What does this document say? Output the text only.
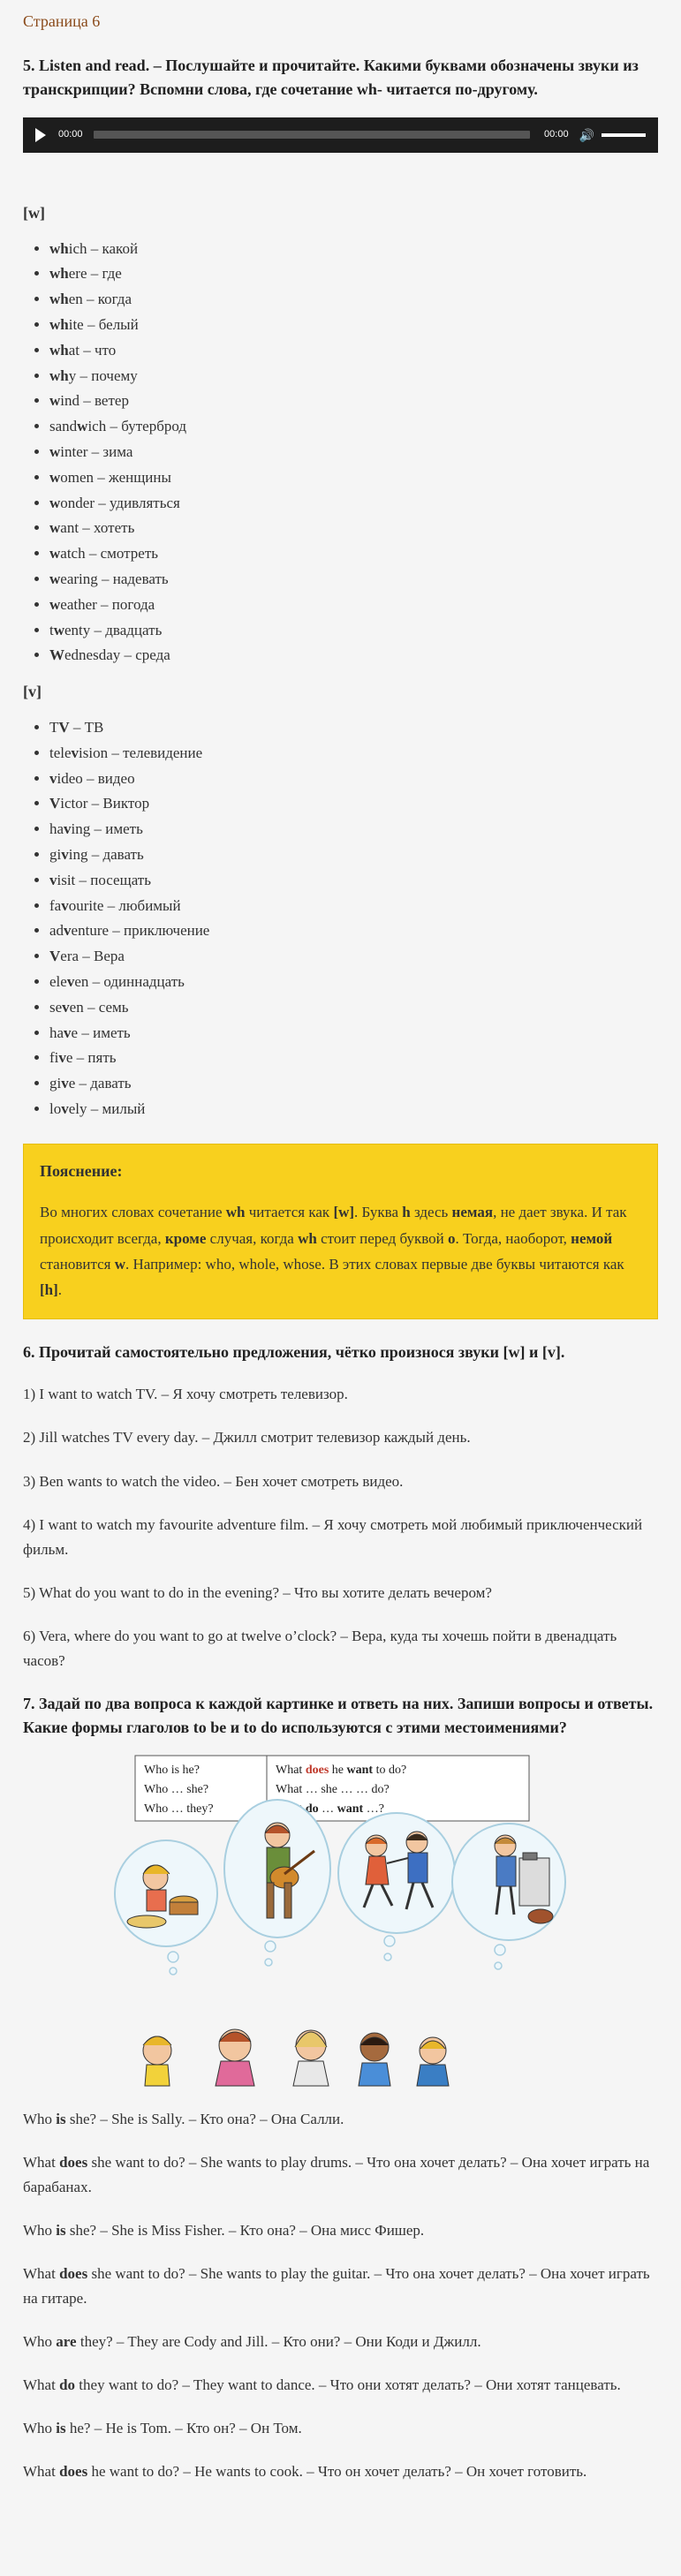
Страница 6
5. Listen and read. – Послушайте и прочитайте. Какими буквами обозначены звуки из транскрипции? Вспомни слова, где сочетание wh- читается по-другому.
00:00	00:00 🔊
[w]
• which – какой
• where – где
• when – когда
• white – белый
• what – что
• why – почему
• wind – ветер
• sandwich – бутерброд
• winter – зима
• women – женщины
• wonder – удивляться
• want – хотеть
• watch – смотреть
• wearing – надевать
• weather – погода
• twenty – двадцать
• Wednesday – среда
[v]
• TV – ТВ
• television – телевидение
• video – видео
• Victor – Виктор
• having – иметь
• giving – давать
• visit – посещать
• favourite – любимый
• adventure – приключение
• Vera – Вера
• eleven – одиннадцать
• seven – семь
• have – иметь
• five – пять
• give – давать
• lovely – милый
Пояснение:

Во многих словах сочетание wh читается как [w]. Буква h здесь немая, не дает звука. И так происходит всегда, кроме случая, когда wh стоит перед буквой o. Тогда, наоборот, немой становится w. Например: who, whole, whose. В этих словах первые две буквы читаются как [h].

6. Прочитай самостоятельно предложения, чётко произнося звуки [w] и [v].

1) I want to watch TV. – Я хочу смотреть телевизор.

2) Jill watches TV every day. – Джилл смотрит телевизор каждый день.

3) Ben wants to watch the video. – Бен хочет смотреть видео.

4) I want to watch my favourite adventure film. – Я хочу смотреть мой любимый приключенческий фильм.

5) What do you want to do in the evening? – Что вы хотите делать вечером?

6) Vera, where do you want to go at twelve o’clock? – Вера, куда ты хочешь пойти в двенадцать часов?

7. Задай по два вопроса к каждой картинке и ответь на них. Запиши вопросы и ответы. Какие формы глаголов to be и to do используются с этими местоимениями?
Who is he?
Who … she?
Who … they?
What does he want to do?
What … she … … do?
do … want …?

Who is she? – She is Sally. – Кто она? – Она Салли.

What does she want to do? – She wants to play drums. – Что она хочет делать? – Она хочет играть на барабанах.

Who is she? – She is Miss Fisher. – Кто она? – Она мисс Фишер.

What does she want to do? – She wants to play the guitar. – Что она хочет делать? – Она хочет играть на гитаре.

Who are they? – They are Cody and Jill. – Кто они? – Они Коди и Джилл.

What do they want to do? – They want to dance. – Что они хотят делать? – Они хотят танцевать.

Who is he? – He is Tom. – Кто он? – Он Том.

What does he want to do? – He wants to cook. – Что он хочет делать? – Он хочет готовить.
